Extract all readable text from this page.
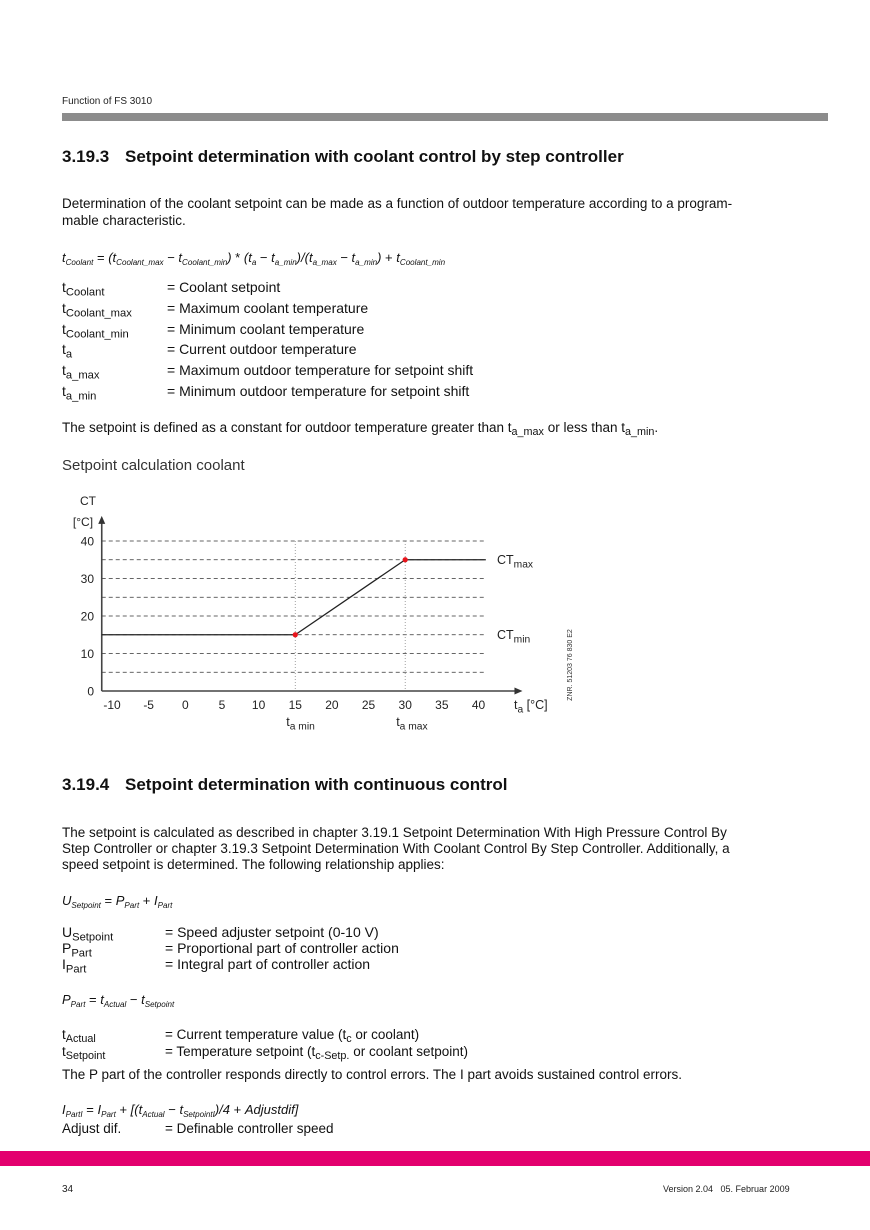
Function of FS 3010
3.19.3 Setpoint determination with coolant control by step controller
Determination of the coolant setpoint can be made as a function of outdoor temperature according to a program-
mable characteristic.
$t_{Coolant} = (t_{Coolant\_max} - t_{Coolant\_min}) * (t_a - t_{a\_min})/(t_{a\_max} - t_{a\_min}) + t_{Coolant\_min}$
$t_{Coolant}$	= Coolant setpoint
$t_{Coolant\_max}$	= Maximum coolant temperature
$t_{Coolant\_min}$	= Minimum coolant temperature
$t_a$	= Current outdoor temperature
$t_{a\_max}$	= Maximum outdoor temperature for setpoint shift
$t_{a\_min}$	= Minimum outdoor temperature for setpoint shift
The setpoint is defined as a constant for outdoor temperature greater than $t_{a\_max}$ or less than $t_{a\_min}$.
Setpoint calculation coolant
$t_{a min}$	$t_{a max}$
0
10
20
30
40
-10 -5 0 5 10 15 20 25 30 35 40
$CT_{max}$
$CT_{min}$
CT
[°C]
$t_a$ [°C]
ZNR. 51203 76 830 E2
3.19.4 Setpoint determination with continuous control
The setpoint is calculated as described in chapter 3.19.1 Setpoint Determination With High Pressure Control By
Step Controller or chapter 3.19.3 Setpoint Determination With Coolant Control By Step Controller. Additionally, a
speed setpoint is determined. The following relationship applies:
$U_{Setpoint} = P_{Part} + I_{Part}$
$U_{Setpoint}$	= Speed adjuster setpoint (0-10 V)
$P_{Part}$	= Proportional part of controller action
$I_{Part}$	= Integral part of controller action
$P_{Part} = t_{Actual} - t_{Setpoint}$
$t_{Actual}$	= Current temperature value ($t_c$ or coolant)
$t_{Setpoint}$	= Temperature setpoint ($t_{c-Setp.}$ or coolant setpoint)
The P part of the controller responds directly to control errors. The I part avoids sustained control errors.
$I_{PartI} = I_{Part} + [(t_{Actual} - t_{SetpointI})/4$ + Adjustdif]
Adjust dif.	= Definable controller speed
34	Version 2.04   05. Februar 2009
